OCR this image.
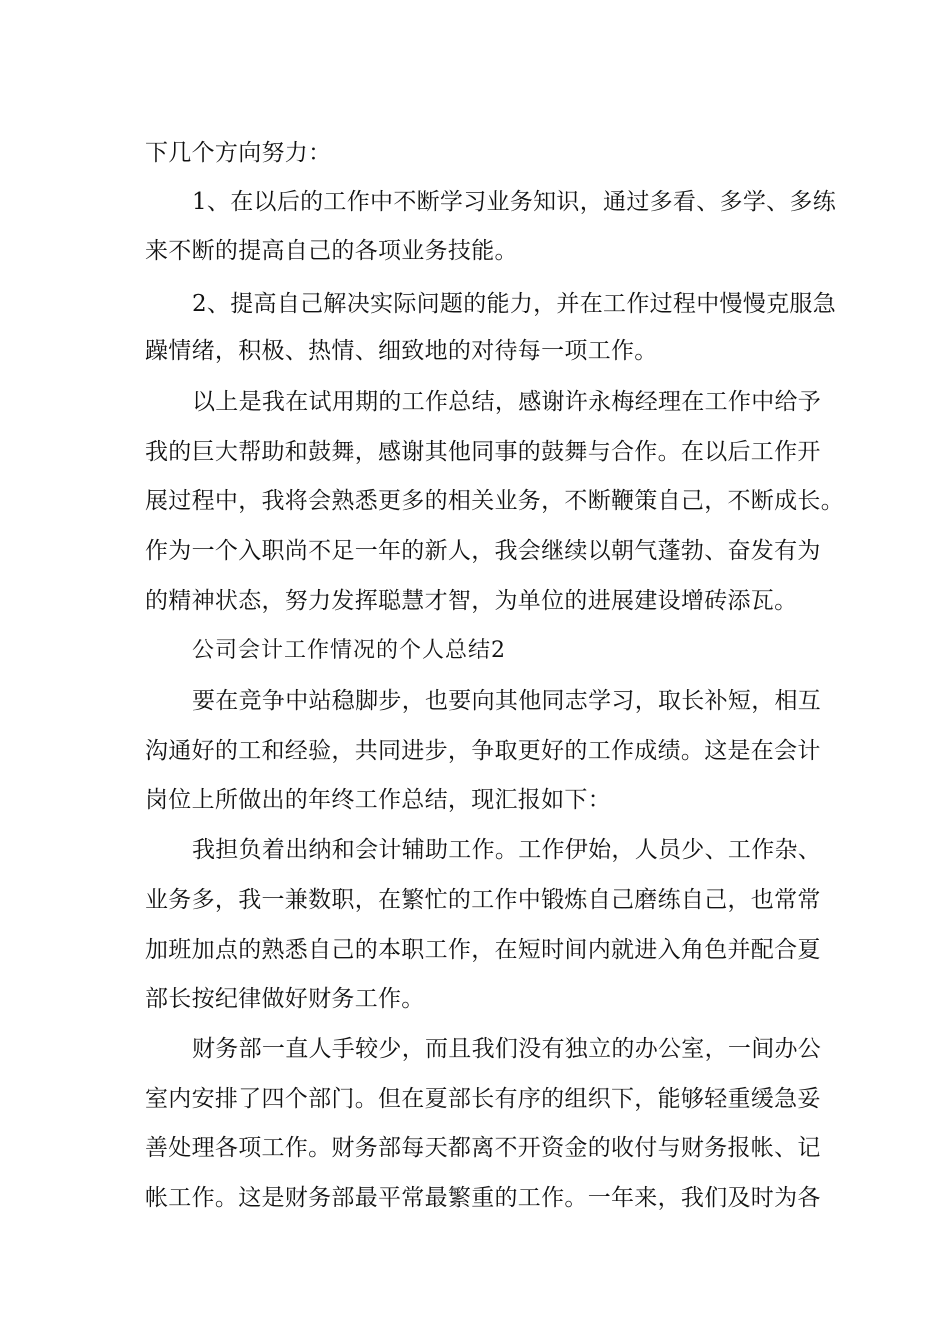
下几个方向努力：
1、在以后的工作中不断学习业务知识，通过多看、多学、多练
来不断的提高自己的各项业务技能。
2、提高自己解决实际问题的能力，并在工作过程中慢慢克服急
躁情绪，积极、热情、细致地的对待每一项工作。
以上是我在试用期的工作总结，感谢许永梅经理在工作中给予
我的巨大帮助和鼓舞，感谢其他同事的鼓舞与合作。在以后工作开
展过程中，我将会熟悉更多的相关业务，不断鞭策自己，不断成长。
作为一个入职尚不足一年的新人，我会继续以朝气蓬勃、奋发有为
的精神状态，努力发挥聪慧才智，为单位的进展建设增砖添瓦。
公司会计工作情况的个人总结2
要在竞争中站稳脚步，也要向其他同志学习，取长补短，相互
沟通好的工和经验，共同进步，争取更好的工作成绩。这是在会计
岗位上所做出的年终工作总结，现汇报如下：
我担负着出纳和会计辅助工作。工作伊始，人员少、工作杂、
业务多，我一兼数职，在繁忙的工作中锻炼自己磨练自己，也常常
加班加点的熟悉自己的本职工作，在短时间内就进入角色并配合夏
部长按纪律做好财务工作。
财务部一直人手较少，而且我们没有独立的办公室，一间办公
室内安排了四个部门。但在夏部长有序的组织下，能够轻重缓急妥
善处理各项工作。财务部每天都离不开资金的收付与财务报帐、记
帐工作。这是财务部最平常最繁重的工作。一年来，我们及时为各
